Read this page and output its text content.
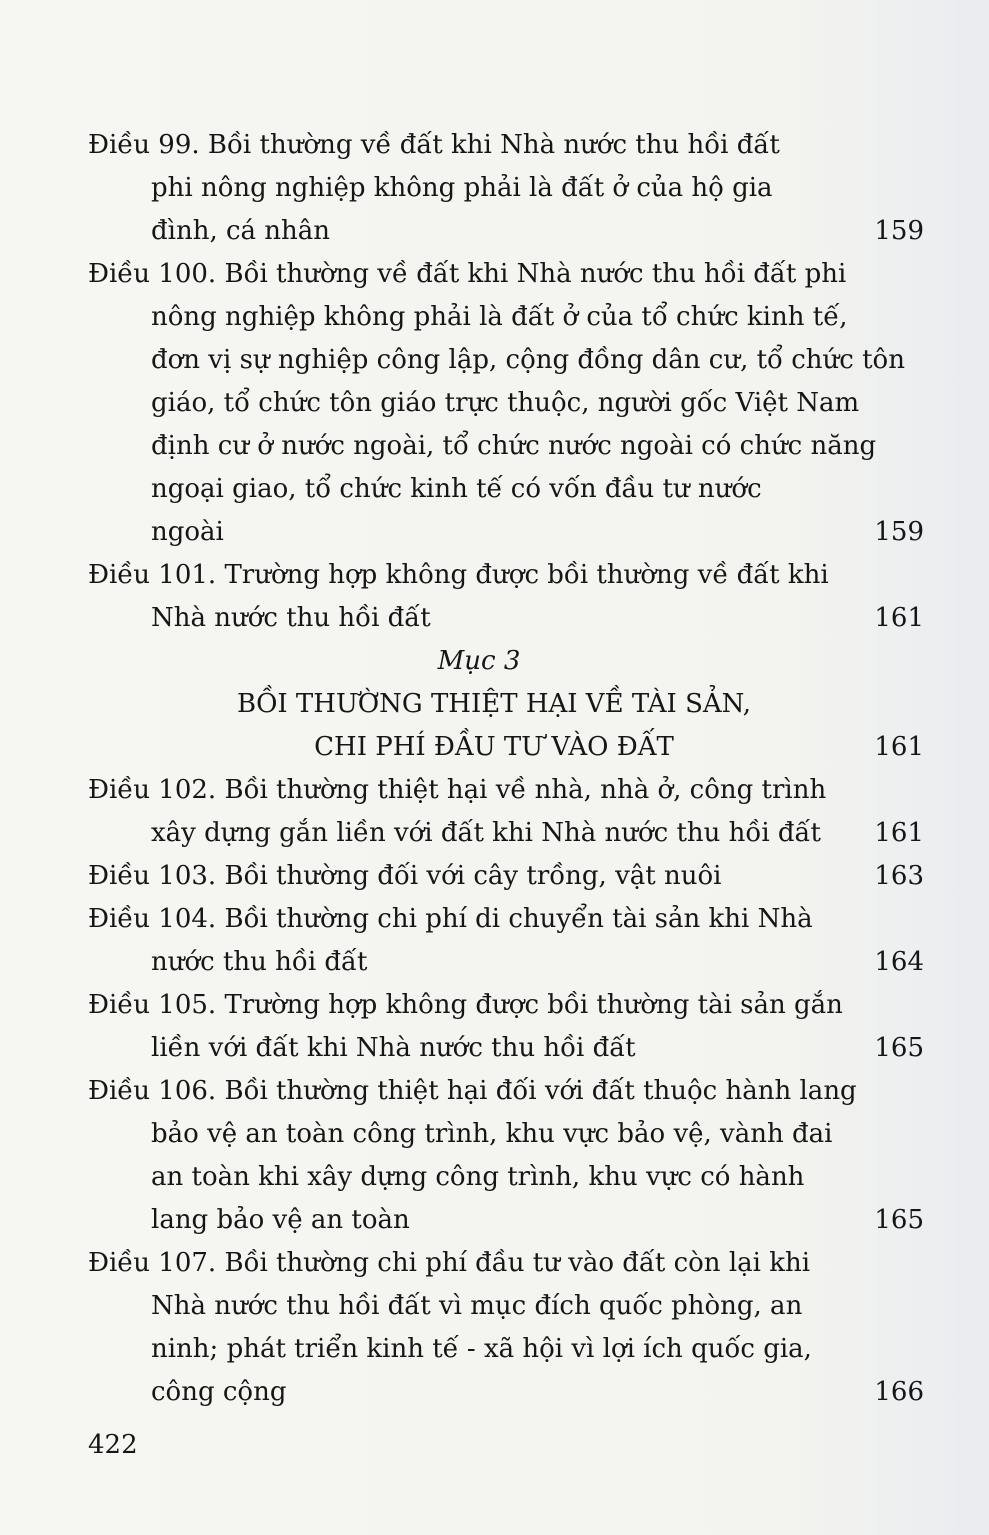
Điều 99. Bồi thường về đất khi Nhà nước thu hồi đất
phi nông nghiệp không phải là đất ở của hộ gia
đình, cá nhân	159
Điều 100. Bồi thường về đất khi Nhà nước thu hồi đất phi
nông nghiệp không phải là đất ở của tổ chức kinh tế,
đơn vị sự nghiệp công lập, cộng đồng dân cư, tổ chức tôn
giáo, tổ chức tôn giáo trực thuộc, người gốc Việt Nam
định cư ở nước ngoài, tổ chức nước ngoài có chức năng
ngoại giao, tổ chức kinh tế có vốn đầu tư nước ngoài	159
Điều 101. Trường hợp không được bồi thường về đất khi
Nhà nước thu hồi đất	161
Mục 3
BỒI THƯỜNG THIỆT HẠI VỀ TÀI SẢN,
CHI PHÍ ĐẦU TƯ VÀO ĐẤT	161
Điều 102. Bồi thường thiệt hại về nhà, nhà ở, công trình
xây dựng gắn liền với đất khi Nhà nước thu hồi đất	161
Điều 103. Bồi thường đối với cây trồng, vật nuôi	163
Điều 104. Bồi thường chi phí di chuyển tài sản khi Nhà
nước thu hồi đất	164
Điều 105. Trường hợp không được bồi thường tài sản gắn
liền với đất khi Nhà nước thu hồi đất	165
Điều 106. Bồi thường thiệt hại đối với đất thuộc hành lang
bảo vệ an toàn công trình, khu vực bảo vệ, vành đai
an toàn khi xây dựng công trình, khu vực có hành
lang bảo vệ an toàn	165
Điều 107. Bồi thường chi phí đầu tư vào đất còn lại khi
Nhà nước thu hồi đất vì mục đích quốc phòng, an
ninh; phát triển kinh tế - xã hội vì lợi ích quốc gia,
công cộng	166
422
